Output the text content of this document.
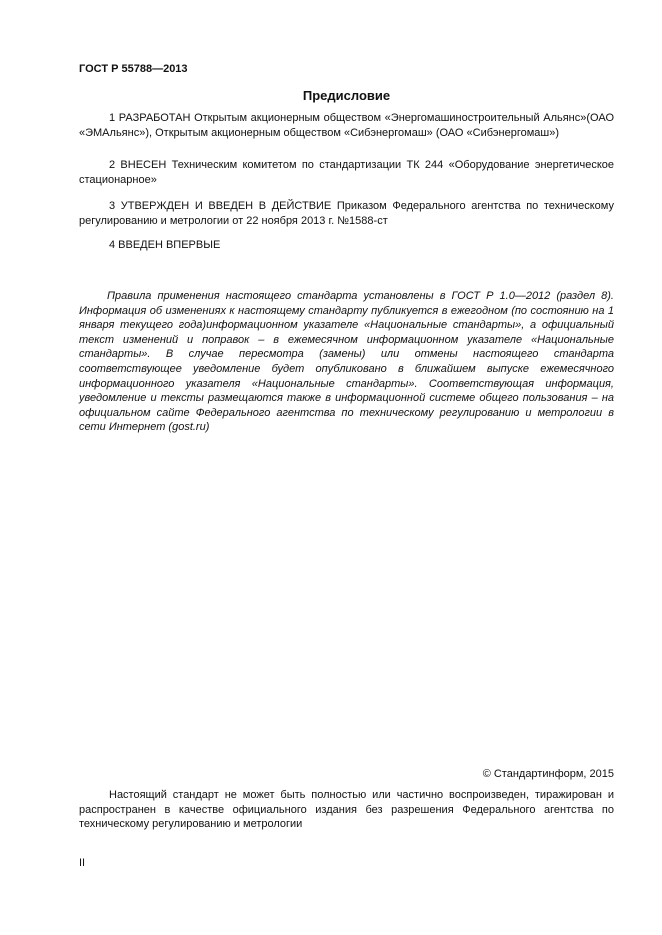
ГОСТ Р 55788—2013
Предисловие

1 РАЗРАБОТАН Открытым акционерным обществом «Энергомашиностроительный Альянс»(ОАО «ЭМАльянс»), Открытым акционерным обществом «Сибэнергомаш» (ОАО «Сибэнергомаш»)

2 ВНЕСЕН Техническим комитетом по стандартизации ТК 244 «Оборудование энергетическое стационарное»

3 УТВЕРЖДЕН И ВВЕДЕН В ДЕЙСТВИЕ Приказом Федерального агентства по техническому регулированию и метрологии от 22 ноября 2013 г. №1588-ст

4 ВВЕДЕН ВПЕРВЫЕ

Правила применения настоящего стандарта установлены в ГОСТ Р 1.0—2012 (раздел 8). Информация об изменениях к настоящему стандарту публикуется в ежегодном (по состоянию на 1 января текущего года)информационном указателе «Национальные стандарты», а официальный текст изменений и поправок – в ежемесячном информационном указателе «Национальные стандарты». В случае пересмотра (замены) или отмены настоящего стандарта соответствующее уведомление будет опубликовано в ближайшем выпуске ежемесячного информационного указателя «Национальные стандарты». Соответствующая информация, уведомление и тексты размещаются также в информационной системе общего пользования – на официальном сайте Федерального агентства по техническому регулированию и метрологии в сети Интернет (gost.ru)

© Стандартинформ, 2015

Настоящий стандарт не может быть полностью или частично воспроизведен, тиражирован и распространен в качестве официального издания без разрешения Федерального агентства по техническому регулированию и метрологии

II
